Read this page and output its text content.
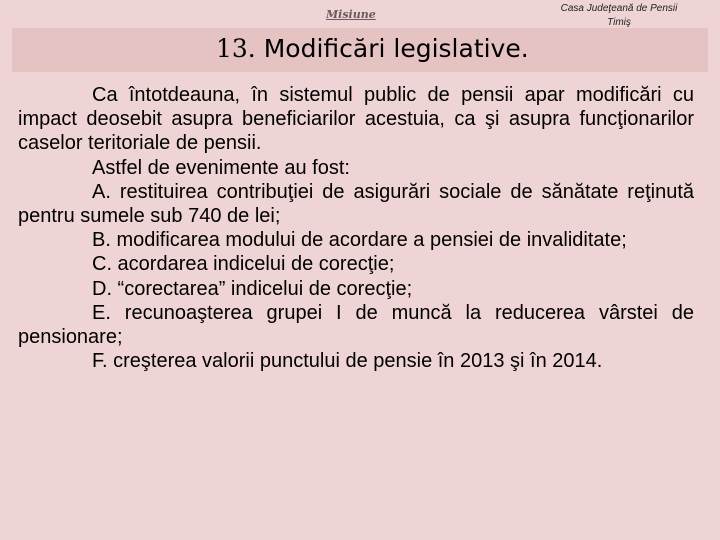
Misiune	Casa Judeţeană de Pensii
Timiş
13. Modificări legislative.

Ca întotdeauna, în sistemul public de pensii apar modificări cu impact deosebit asupra beneficiarilor acestuia, ca şi asupra funcţionarilor caselor teritoriale de pensii.

Astfel de evenimente au fost:

A. restituirea contribuţiei de asigurări sociale de sănătate reţinută pentru sumele sub 740 de lei;

B. modificarea modului de acordare a pensiei de invaliditate;

C. acordarea indicelui de corecţie;

D. “corectarea” indicelui de corecţie;

E. recunoaşterea grupei I de muncă la reducerea vârstei de pensionare;

F. creşterea valorii punctului de pensie în 2013 şi în 2014.
